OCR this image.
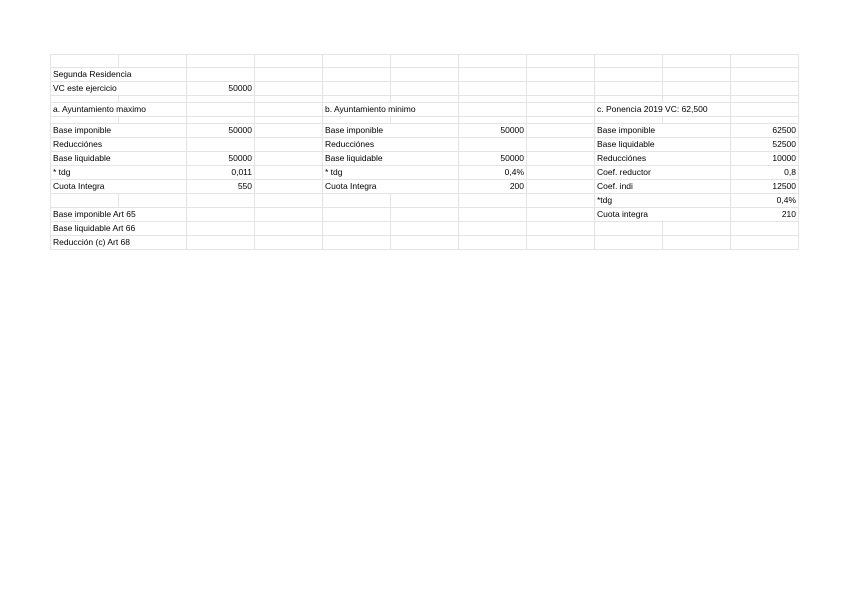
Segunda Residencia										
VC este ejercicio		50000								

a. Ayuntamiento maximo				b. Ayuntamiento minimo				c. Ponencia 2019 VC: 62,500		

Base imponible		50000		Base imponible		50000		Base imponible		62500
Reducciónes				Reducciónes				Base liquidable		52500
Base liquidable		50000		Base liquidable		50000		Reducciónes		10000
* tdg		0,011		* tdg		0,4%		Coef. reductor		0,8
Cuota Integra		550		Cuota Integra		200		Coef. indi		12500
								*tdg		0,4%
Base imponible Art 65								Cuota integra		210
Base liquidable Art 66										
Reducción (c) Art 68										
